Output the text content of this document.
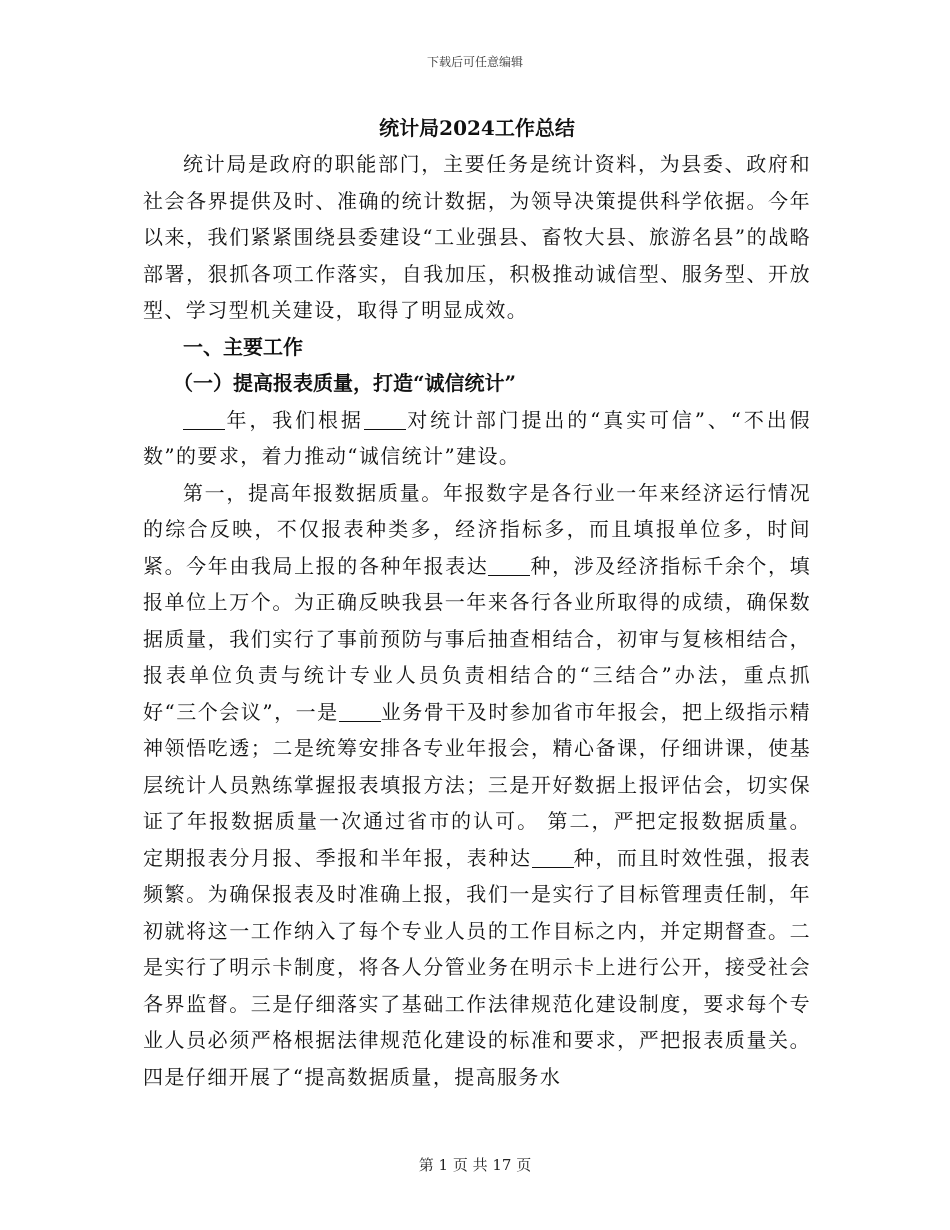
下载后可任意编辑
统计局2024工作总结

统计局是政府的职能部门，主要任务是统计资料，为县委、政府和社会各界提供及时、准确的统计数据，为领导决策提供科学依据。今年以来，我们紧紧围绕县委建设“工业强县、畜牧大县、旅游名县”的战略部署，狠抓各项工作落实，自我加压，积极推动诚信型、服务型、开放型、学习型机关建设，取得了明显成效。

一、主要工作

（一）提高报表质量，打造“诚信统计”

年，我们根据 对统计部门提出的“真实可信”、“不出假数”的要求，着力推动“诚信统计”建设。

第一，提高年报数据质量。年报数字是各行业一年来经济运行情况的综合反映，不仅报表种类多，经济指标多，而且填报单位多，时间紧。今年由我局上报的各种年报表达 种，涉及经济指标千余个，填报单位上万个。为正确反映我县一年来各行各业所取得的成绩，确保数据质量，我们实行了事前预防与事后抽查相结合，初审与复核相结合，报表单位负责与统计专业人员负责相结合的“三结合”办法，重点抓好“三个会议”，一是 业务骨干及时参加省市年报会，把上级指示精神领悟吃透；二是统筹安排各专业年报会，精心备课，仔细讲课，使基层统计人员熟练掌握报表填报方法；三是开好数据上报评估会，切实保证了年报数据质量一次通过省市的认可。 第二，严把定报数据质量。定期报表分月报、季报和半年报，表种达 种，而且时效性强，报表频繁。为确保报表及时准确上报，我们一是实行了目标管理责任制，年初就将这一工作纳入了每个专业人员的工作目标之内，并定期督查。二是实行了明示卡制度，将各人分管业务在明示卡上进行公开，接受社会各界监督。三是仔细落实了基础工作法律规范化建设制度，要求每个专业人员必须严格根据法律规范化建设的标准和要求，严把报表质量关。四是仔细开展了“提高数据质量，提高服务水

第 1 页 共 17 页
